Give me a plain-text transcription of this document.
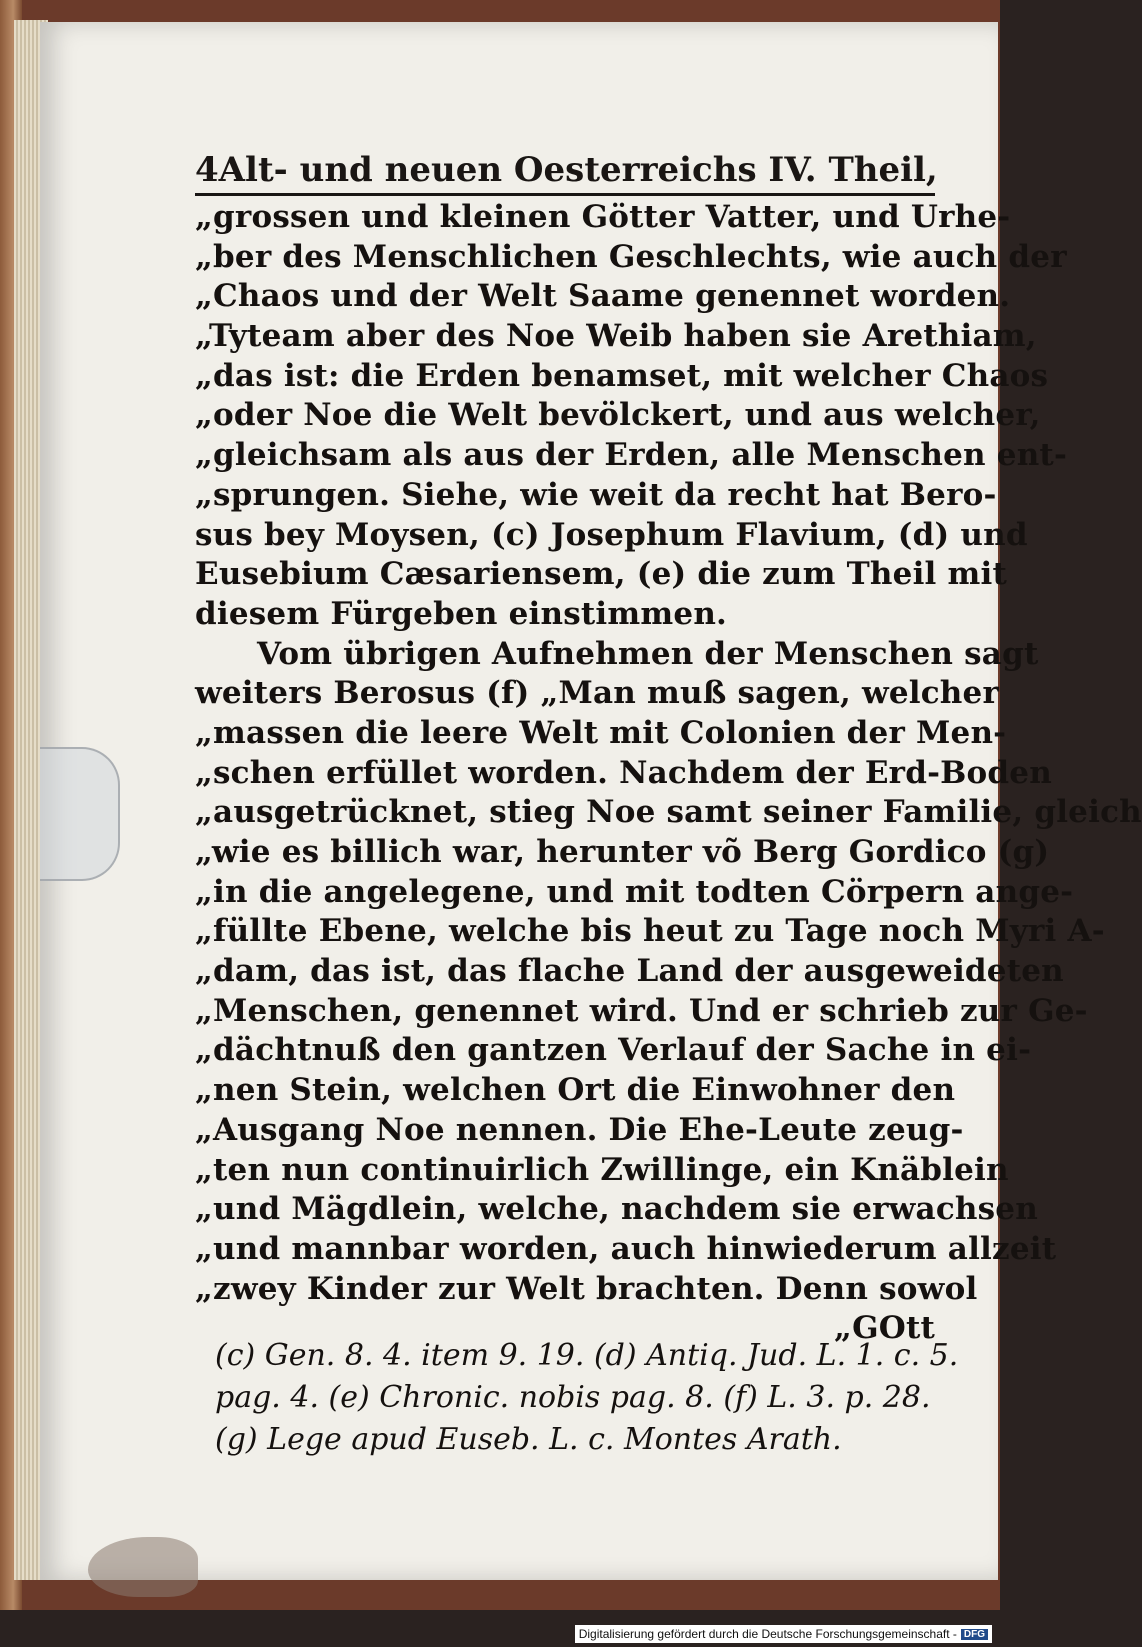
4 Alt- und neuen Oesterreichs IV. Theil,
„grossen und kleinen Götter Vatter, und Urhe-
„ber des Menschlichen Geschlechts, wie auch der
„Chaos und der Welt Saame genennet worden.
„Tyteam aber des Noe Weib haben sie Arethiam,
„das ist: die Erden benamset, mit welcher Chaos
„oder Noe die Welt bevölckert, und aus welcher,
„gleichsam als aus der Erden, alle Menschen ent-
„sprungen. Siehe, wie weit da recht hat Bero-
sus bey Moysen, (c) Josephum Flavium, (d) und
Eusebium Cæsariensem, (e) die zum Theil mit
diesem Fürgeben einstimmen.
Vom übrigen Aufnehmen der Menschen sagt
weiters Berosus (f) „Man muß sagen, welcher
„massen die leere Welt mit Colonien der Men-
„schen erfüllet worden. Nachdem der Erd-Boden
„ausgetrücknet, stieg Noe samt seiner Familie, gleich
„wie es billich war, herunter võ Berg Gordico (g)
„in die angelegene, und mit todten Cörpern ange-
„füllte Ebene, welche bis heut zu Tage noch Myri A-
„dam, das ist, das flache Land der ausgeweideten
„Menschen, genennet wird. Und er schrieb zur Ge-
„dächtnuß den gantzen Verlauf der Sache in ei-
„nen Stein, welchen Ort die Einwohner den
„Ausgang Noe nennen. Die Ehe-Leute zeug-
„ten nun continuirlich Zwillinge, ein Knäblein
„und Mägdlein, welche, nachdem sie erwachsen
„und mannbar worden, auch hinwiederum allzeit
„zwey Kinder zur Welt brachten. Denn sowol
„GOtt
(c) Gen. 8. 4. item 9. 19. (d) Antiq. Jud. L. 1. c. 5.
pag. 4. (e) Chronic. nobis pag. 8. (f) L. 3. p. 28.
(g) Lege apud Euseb. L. c. Montes Arath.
Digitalisierung gefördert durch die Deutsche Forschungsgemeinschaft - DFG
